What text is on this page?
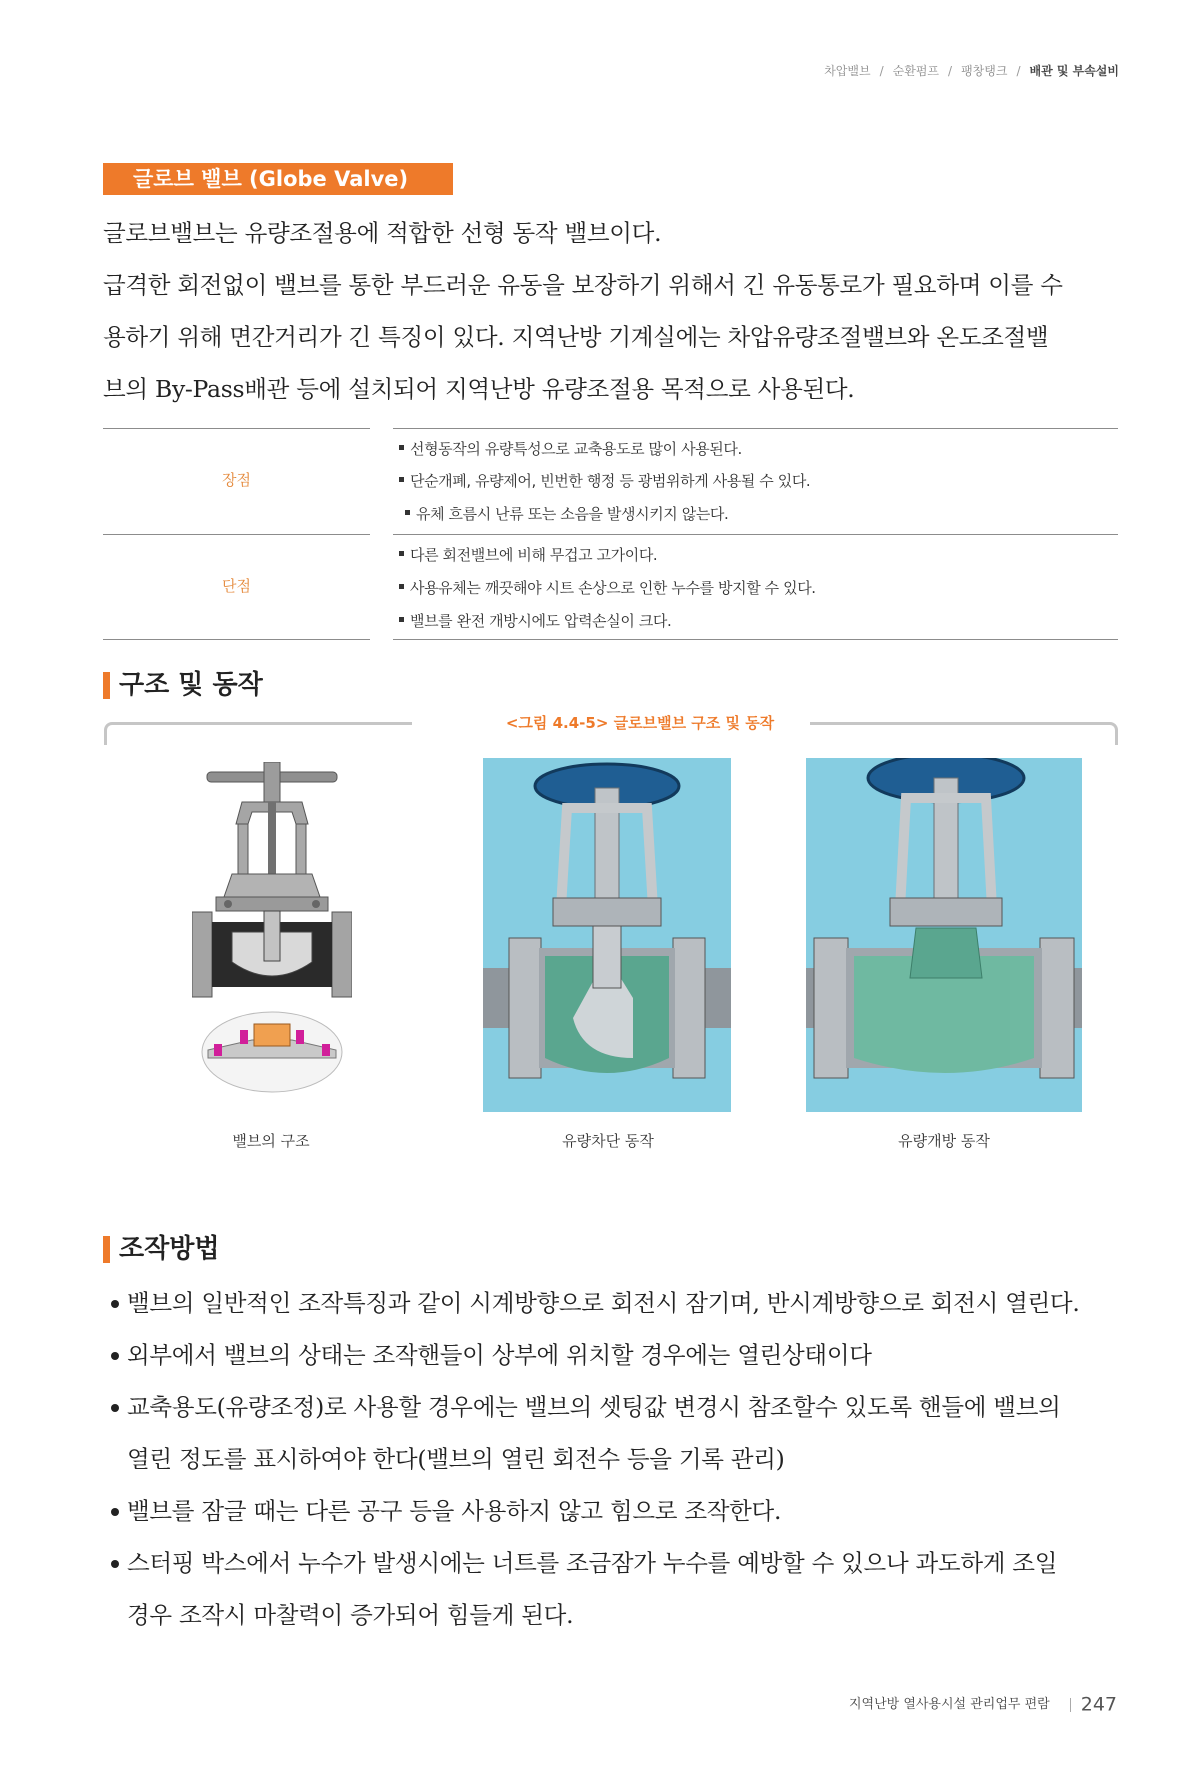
차압밸브 / 순환펌프 / 팽창탱크 / 배관 및 부속설비
글로브 밸브 (Globe Valve)

글로브밸브는 유량조절용에 적합한 선형 동작 밸브이다.

급격한 회전없이 밸브를 통한 부드러운 유동을 보장하기 위해서 긴 유동통로가 필요하며 이를 수

용하기 위해 면간거리가 긴 특징이 있다. 지역난방 기계실에는 차압유량조절밸브와 온도조절밸

브의 By-Pass배관 등에 설치되어 지역난방 유량조절용 목적으로 사용된다.

장점
선형동작의 유량특성으로 교축용도로 많이 사용된다.
단순개폐, 유량제어, 빈번한 행정 등 광범위하게 사용될 수 있다.
유체 흐름시 난류 또는 소음을 발생시키지 않는다.
단점
다른 회전밸브에 비해 무겁고 고가이다.
사용유체는 깨끗해야 시트 손상으로 인한 누수를 방지할 수 있다.
밸브를 완전 개방시에도 압력손실이 크다.
구조 및 동작
<그림 4.4-5> 글로브밸브 구조 및 동작
밸브의 구조	유량차단 동작	유량개방 동작
조작방법
밸브의 일반적인 조작특징과 같이 시계방향으로 회전시 잠기며, 반시계방향으로 회전시 열린다.
외부에서 밸브의 상태는 조작핸들이 상부에 위치할 경우에는 열린상태이다
교축용도(유량조정)로 사용할 경우에는 밸브의 셋팅값 변경시 참조할수 있도록 핸들에 밸브의
열린 정도를 표시하여야 한다(밸브의 열린 회전수 등을 기록 관리)
밸브를 잠글 때는 다른 공구 등을 사용하지 않고 힘으로 조작한다.
스터핑 박스에서 누수가 발생시에는 너트를 조금잠가 누수를 예방할 수 있으나 과도하게 조일
경우 조작시 마찰력이 증가되어 힘들게 된다.
지역난방 열사용시설 관리업무 편람 247
